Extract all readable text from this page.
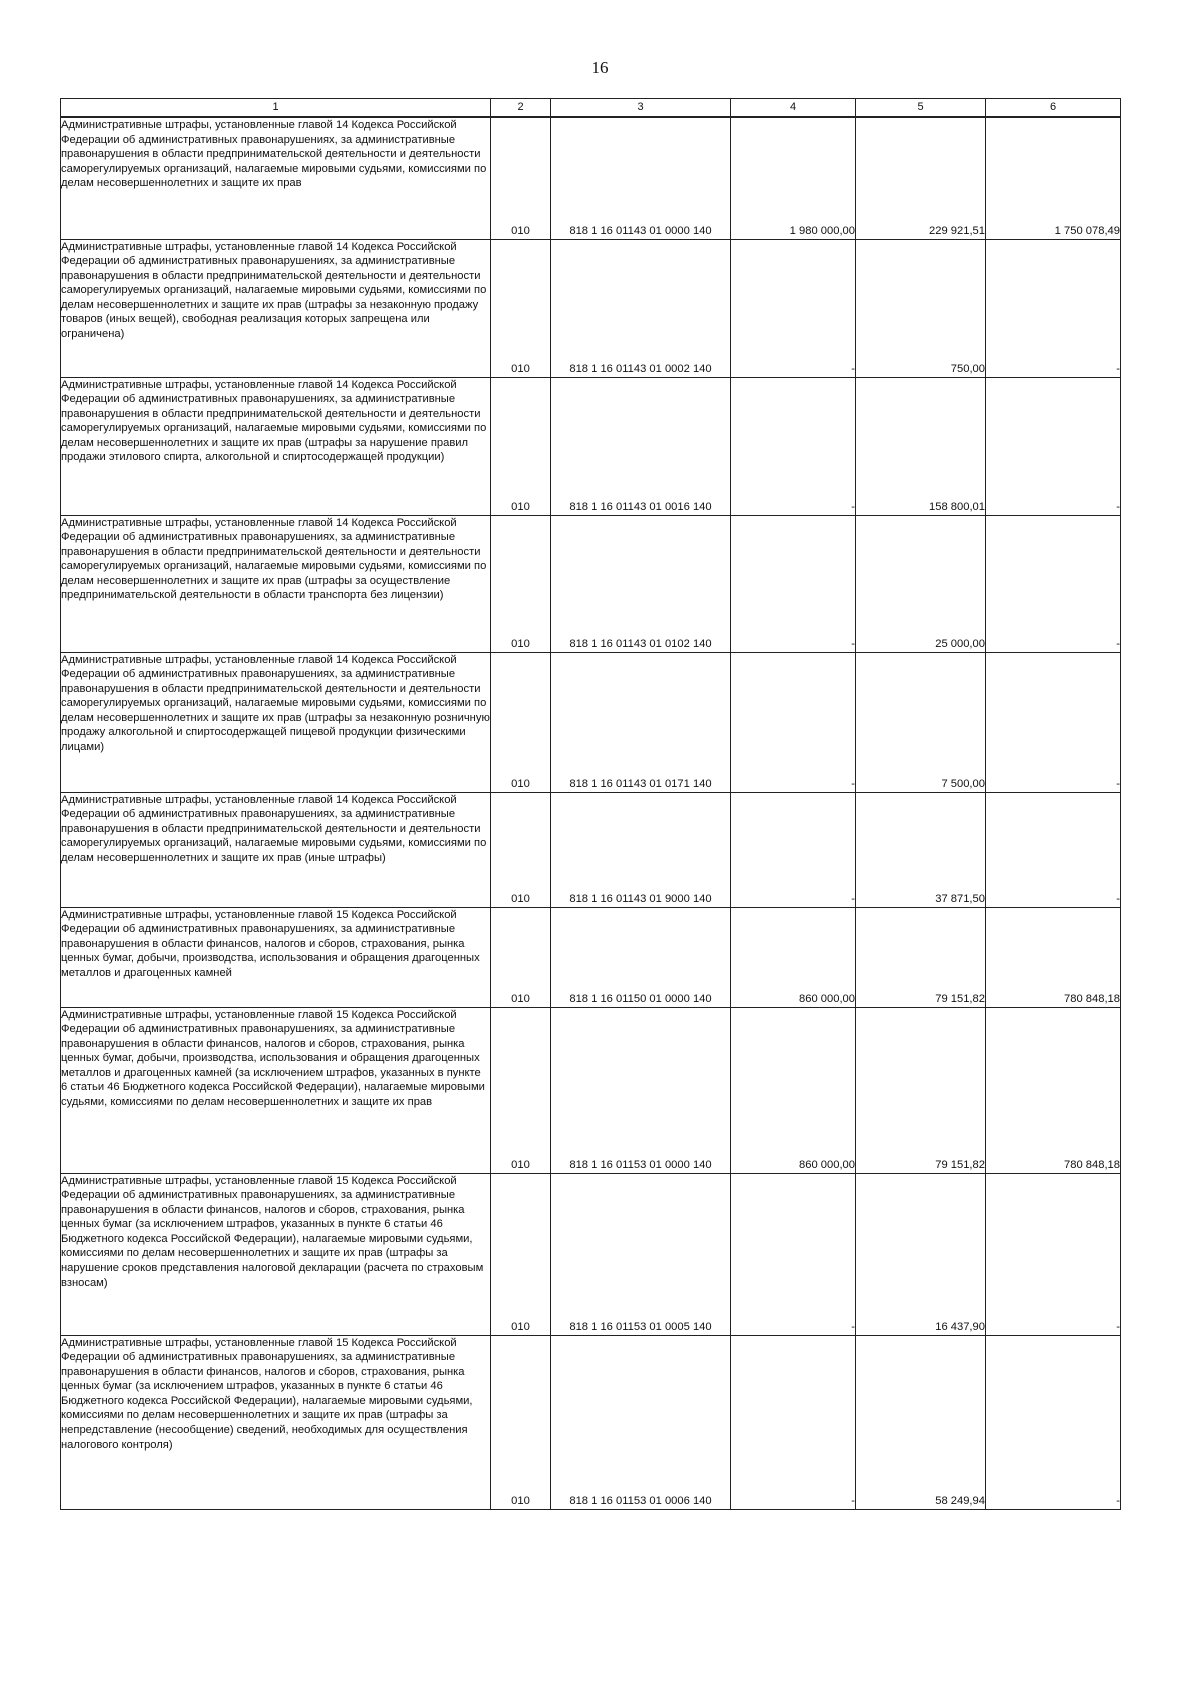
16
1	2	3	4	5	6
Административные штрафы, установленные главой 14 Кодекса Российской Федерации об административных правонарушениях, за административные правонарушения в области предпринимательской деятельности и деятельности саморегулируемых организаций, налагаемые мировыми судьями, комиссиями по делам несовершеннолетних и защите их прав	010	818 1 16 01143 01 0000 140	1 980 000,00	229 921,51	1 750 078,49
Административные штрафы, установленные главой 14 Кодекса Российской Федерации об административных правонарушениях, за административные правонарушения в области предпринимательской деятельности и деятельности саморегулируемых организаций, налагаемые мировыми судьями, комиссиями по делам несовершеннолетних и защите их прав (штрафы за незаконную продажу товаров (иных вещей), свободная реализация которых запрещена или ограничена)	010	818 1 16 01143 01 0002 140	-	750,00	-
Административные штрафы, установленные главой 14 Кодекса Российской Федерации об административных правонарушениях, за административные правонарушения в области предпринимательской деятельности и деятельности саморегулируемых организаций, налагаемые мировыми судьями, комиссиями по делам несовершеннолетних и защите их прав (штрафы за нарушение правил продажи этилового спирта, алкогольной и спиртосодержащей продукции)	010	818 1 16 01143 01 0016 140	-	158 800,01	-
Административные штрафы, установленные главой 14 Кодекса Российской Федерации об административных правонарушениях, за административные правонарушения в области предпринимательской деятельности и деятельности саморегулируемых организаций, налагаемые мировыми судьями, комиссиями по делам несовершеннолетних и защите их прав (штрафы за осуществление предпринимательской деятельности в области транспорта без лицензии)	010	818 1 16 01143 01 0102 140	-	25 000,00	-
Административные штрафы, установленные главой 14 Кодекса Российской Федерации об административных правонарушениях, за административные правонарушения в области предпринимательской деятельности и деятельности саморегулируемых организаций, налагаемые мировыми судьями, комиссиями по делам несовершеннолетних и защите их прав (штрафы за незаконную розничную продажу алкогольной и спиртосодержащей пищевой продукции физическими лицами)	010	818 1 16 01143 01 0171 140	-	7 500,00	-
Административные штрафы, установленные главой 14 Кодекса Российской Федерации об административных правонарушениях, за административные правонарушения в области предпринимательской деятельности и деятельности саморегулируемых организаций, налагаемые мировыми судьями, комиссиями по делам несовершеннолетних и защите их прав (иные штрафы)	010	818 1 16 01143 01 9000 140	-	37 871,50	-
Административные штрафы, установленные главой 15 Кодекса Российской Федерации об административных правонарушениях, за административные правонарушения в области финансов, налогов и сборов, страхования, рынка ценных бумаг, добычи, производства, использования и обращения драгоценных металлов и драгоценных камней	010	818 1 16 01150 01 0000 140	860 000,00	79 151,82	780 848,18
Административные штрафы, установленные главой 15 Кодекса Российской Федерации об административных правонарушениях, за административные правонарушения в области финансов, налогов и сборов, страхования, рынка ценных бумаг, добычи, производства, использования и обращения драгоценных металлов и драгоценных камней (за исключением штрафов, указанных в пункте 6 статьи 46 Бюджетного кодекса Российской Федерации), налагаемые мировыми судьями, комиссиями по делам несовершеннолетних и защите их прав	010	818 1 16 01153 01 0000 140	860 000,00	79 151,82	780 848,18
Административные штрафы, установленные главой 15 Кодекса Российской Федерации об административных правонарушениях, за административные правонарушения в области финансов, налогов и сборов, страхования, рынка ценных бумаг (за исключением штрафов, указанных в пункте 6 статьи 46 Бюджетного кодекса Российской Федерации), налагаемые мировыми судьями, комиссиями по делам несовершеннолетних и защите их прав (штрафы за нарушение сроков представления налоговой декларации (расчета по страховым взносам)	010	818 1 16 01153 01 0005 140	-	16 437,90	-
Административные штрафы, установленные главой 15 Кодекса Российской Федерации об административных правонарушениях, за административные правонарушения в области финансов, налогов и сборов, страхования, рынка ценных бумаг (за исключением штрафов, указанных в пункте 6 статьи 46 Бюджетного кодекса Российской Федерации), налагаемые мировыми судьями, комиссиями по делам несовершеннолетних и защите их прав (штрафы за непредставление (несообщение) сведений, необходимых для осуществления налогового контроля)	010	818 1 16 01153 01 0006 140	-	58 249,94	-
